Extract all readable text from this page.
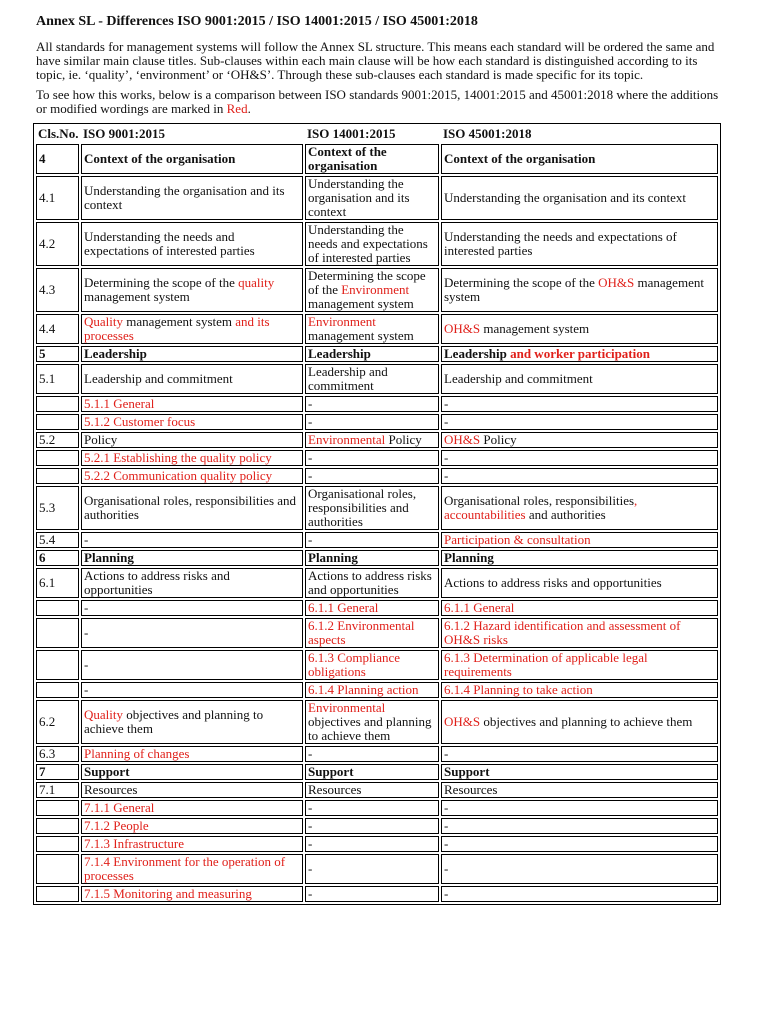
Annex SL - Differences ISO 9001:2015 / ISO 14001:2015 / ISO 45001:2018
All standards for management systems will follow the Annex SL structure. This means each standard will be ordered the same and
have similar main clause titles. Sub-clauses within each main clause will be how each standard is distinguished according to its
topic, ie. ‘quality’, ‘environment’ or ‘OH&S’. Through these sub-clauses each standard is made specific for its topic.
To see how this works, below is a comparison between ISO standards 9001:2015, 14001:2015 and 45001:2018 where the additions
or modified wordings are marked in Red.
Cls.No.	ISO 9001:2015	ISO 14001:2015	ISO 45001:2018
4	Context of the organisation	Context of the organisation	Context of the organisation
4.1	Understanding the organisation and its context	Understanding the organisation and its context	Understanding the organisation and its context
4.2	Understanding the needs and expectations of interested parties	Understanding the needs and expectations of interested parties	Understanding the needs and expectations of interested parties
4.3	Determining the scope of the quality management system	Determining the scope of the Environment management system	Determining the scope of the OH&S management system
4.4	Quality management system and its processes	Environment management system	OH&S management system
5	Leadership	Leadership	Leadership and worker participation
5.1	Leadership and commitment	Leadership and commitment	Leadership and commitment
	5.1.1 General	-	-
	5.1.2 Customer focus	-	-
5.2	Policy	Environmental Policy	OH&S Policy
	5.2.1 Establishing the quality policy	-	-
	5.2.2 Communication quality policy	-	-
5.3	Organisational roles, responsibilities and authorities	Organisational roles, responsibilities and authorities	Organisational roles, responsibilities, accountabilities and authorities
5.4	-	-	Participation & consultation
6	Planning	Planning	Planning
6.1	Actions to address risks and opportunities	Actions to address risks and opportunities	Actions to address risks and opportunities
	-	6.1.1 General	6.1.1 General
	-	6.1.2 Environmental aspects	6.1.2 Hazard identification and assessment of OH&S risks
	-	6.1.3 Compliance obligations	6.1.3 Determination of applicable legal requirements
	-	6.1.4 Planning action	6.1.4 Planning to take action
6.2	Quality objectives and planning to achieve them	Environmental objectives and planning to achieve them	OH&S objectives and planning to achieve them
6.3	Planning of changes	-	-
7	Support	Support	Support
7.1	Resources	Resources	Resources
	7.1.1 General	-	-
	7.1.2 People	-	-
	7.1.3 Infrastructure	-	-
	7.1.4 Environment for the operation of processes	-	-
	7.1.5 Monitoring and measuring	-	-
